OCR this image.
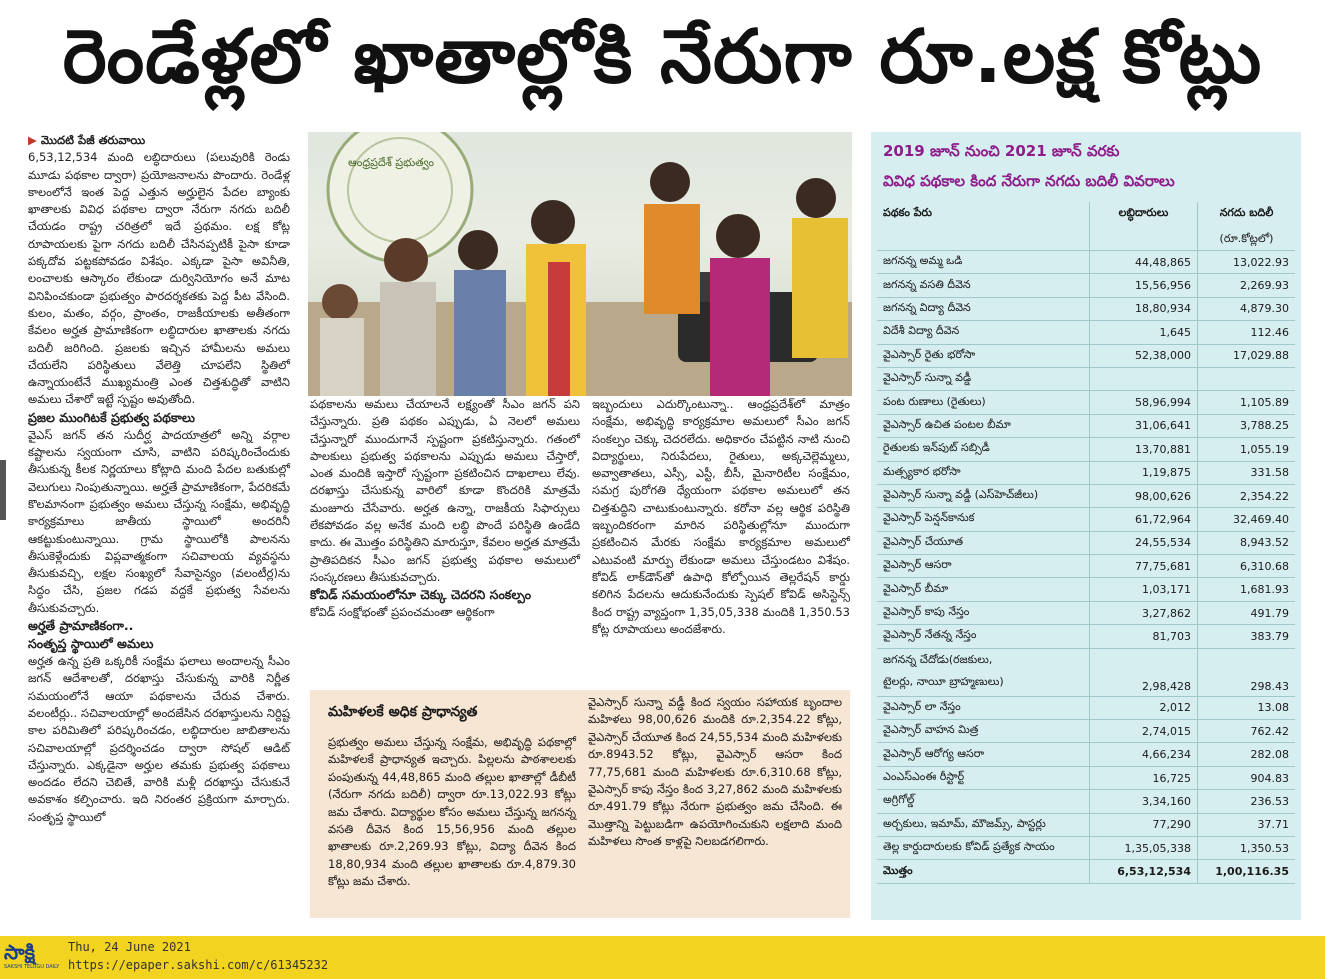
రెండేళ్లలో ఖాతాల్లోకి నేరుగా రూ.లక్ష కోట్లు

▶ మొదటి పేజీ తరువాయి

6,53,12,534 మంది లబ్ధిదారులు (పలువురికి రెండు మూడు పథకాల ద్వారా) ప్రయోజనాలను పొందారు. రెండేళ్ల కాలంలోనే ఇంత పెద్ద ఎత్తున అర్హులైన పేదల బ్యాంకు ఖాతాలకు వివిధ పథకాల ద్వారా నేరుగా నగదు బదిలీ చేయడం రాష్ట్ర చరిత్రలో ఇదే ప్రథమం. లక్ష కోట్ల రూపాయలకు పైగా నగదు బదిలీ చేసినప్పటికీ పైసా కూడా పక్కదోవ పట్టకపోవడం విశేషం. ఎక్కడా పైసా అవినీతి, లంచాలకు ఆస్కారం లేకుండా దుర్వినియోగం అనే మాట వినిపించకుండా ప్రభుత్వం పారదర్శకతకు పెద్ద పీట వేసింది. కులం, మతం, వర్గం, ప్రాంతం, రాజకీయాలకు అతీతంగా కేవలం అర్హత ప్రామాణికంగా లబ్ధిదారుల ఖాతాలకు నగదు బదిలీ జరిగింది. ప్రజలకు ఇచ్చిన హామీలను అమలు చేయలేని పరిస్థితులు వేలెత్తి చూపలేని స్థితిలో ఉన్నాయంటేనే ముఖ్యమంత్రి ఎంత చిత్తశుద్ధితో వాటిని అమలు చేశారో ఇట్టే స్పష్టం అవుతోంది.

ప్రజల ముంగిటకే ప్రభుత్వ పథకాలు

వైఎస్ జగన్ తన సుదీర్ఘ పాదయాత్రలో అన్ని వర్గాల కష్టాలను స్వయంగా చూసి, వాటిని పరిష్కరించేందుకు తీసుకున్న కీలక నిర్ణయాలు కోట్లాది మంది పేదల బతుకుల్లో వెలుగులు నింపుతున్నాయి. అర్హతే ప్రామాణికంగా, పేదరికమే కొలమానంగా ప్రభుత్వం అమలు చేస్తున్న సంక్షేమ, అభివృద్ధి కార్యక్రమాలు జాతీయ స్థాయిలో అందరినీ ఆకట్టుకుంటున్నాయి. గ్రామ స్థాయిలోకి పాలనను తీసుకెళ్లేందుకు విప్లవాత్మకంగా సచివాలయ వ్యవస్థను తీసుకువచ్చి, లక్షల సంఖ్యలో సేవాసైన్యం (వలంటీర్ల)ను సిద్ధం చేసి, ప్రజల గడప వద్దకే ప్రభుత్వ సేవలను తీసుకువచ్చారు.

అర్హతే ప్రామాణికంగా..

సంతృప్త స్థాయిలో అమలు

అర్హత ఉన్న ప్రతి ఒక్కరికీ సంక్షేమ ఫలాలు అందాలన్న సీఎం జగన్ ఆదేశాలతో, దరఖాస్తు చేసుకున్న వారికి నిర్ణీత సమయంలోనే ఆయా పథకాలను చేరువ చేశారు. వలంటీర్లు.. సచివాలయాల్లో అందజేసిన దరఖాస్తులను నిర్దిష్ట కాల పరిమితిలో పరిష్కరించడం, లబ్ధిదారుల జాబితాలను సచివాలయాల్లో ప్రదర్శించడం ద్వారా సోషల్ ఆడిట్ చేస్తున్నారు. ఎక్కడైనా అర్హుల తమకు ప్రభుత్వ పథకాలు అందడం లేదని చెబితే, వారికి మళ్లీ దరఖాస్తు చేసుకునే అవకాశం కల్పించారు. ఇది నిరంతర ప్రక్రియగా మార్చారు. సంతృప్త స్థాయిలో

ఆంధ్రప్రదేశ్ ప్రభుత్వం

పథకాలను అమలు చేయాలనే లక్ష్యంతో సీఎం జగన్ పని చేస్తున్నారు. ప్రతి పథకం ఎప్పుడు, ఏ నెలలో అమలు చేస్తున్నారో ముందుగానే స్పష్టంగా ప్రకటిస్తున్నారు. గతంలో పాలకులు ప్రభుత్వ పథకాలను ఎప్పుడు అమలు చేస్తారో, ఎంత మందికి ఇస్తారో స్పష్టంగా ప్రకటించిన దాఖలాలు లేవు. దరఖాస్తు చేసుకున్న వారిలో కూడా కొందరికి మాత్రమే మంజూరు చేసేవారు. అర్హత ఉన్నా, రాజకీయ సిఫార్సులు లేకపోవడం వల్ల అనేక మంది లబ్ధి పొందే పరిస్థితి ఉండేది కాదు. ఈ మొత్తం పరిస్థితిని మారుస్తూ, కేవలం అర్హత మాత్రమే ప్రాతిపదికన సీఎం జగన్ ప్రభుత్వ పథకాల అమలులో సంస్కరణలు తీసుకువచ్చారు.

కోవిడ్ సమయంలోనూ చెక్కు చెదరని సంకల్పం

కోవిడ్ సంక్షోభంతో ప్రపంచమంతా ఆర్థికంగా

ఇబ్బందులు ఎదుర్కొంటున్నా.. ఆంధ్రప్రదేశ్‌లో మాత్రం సంక్షేమ, అభివృద్ధి కార్యక్రమాల అమలులో సీఎం జగన్ సంకల్పం చెక్కు చెదరలేదు. అధికారం చేపట్టిన నాటి నుంచి విద్యార్థులు, నిరుపేదలు, రైతులు, అక్కచెల్లెమ్మలు, అవ్వాతాతలు, ఎస్సీ, ఎస్టీ, బీసీ, మైనారిటీల సంక్షేమం, సమగ్ర పురోగతి ధ్యేయంగా పథకాల అమలులో తన చిత్తశుద్ధిని చాటుకుంటున్నారు. కరోనా వల్ల ఆర్థిక పరిస్థితి ఇబ్బందికరంగా మారిన పరిస్థితుల్లోనూ ముందుగా ప్రకటించిన మేరకు సంక్షేమ కార్యక్రమాల అమలులో ఎటువంటి మార్పు లేకుండా అమలు చేస్తుండటం విశేషం. కోవిడ్ లాక్‌డౌన్‌తో ఉపాధి కోల్పోయిన తెల్లరేషన్ కార్డు కలిగిన పేదలను ఆదుకునేందుకు స్పెషల్ కోవిడ్ అసిస్టెన్స్ కింద రాష్ట్ర వ్యాప్తంగా 1,35,05,338 మందికి 1,350.53 కోట్ల రూపాయలు అందజేశారు.

మహిళలకే అధిక ప్రాధాన్యత
ప్రభుత్వం అమలు చేస్తున్న సంక్షేమ, అభివృద్ధి పథకాల్లో మహిళలకే ప్రాధాన్యత ఇచ్చారు. పిల్లలను పాఠశాలలకు పంపుతున్న 44,48,865 మంది తల్లుల ఖాతాల్లో డీబీటీ (నేరుగా నగదు బదిలీ) ద్వారా రూ.13,022.93 కోట్లు జమ చేశారు. విద్యార్థుల కోసం అమలు చేస్తున్న జగనన్న వసతి దీవెన కింద 15,56,956 మంది తల్లుల ఖాతాలకు రూ.2,269.93 కోట్లు, విద్యా దీవెన కింద 18,80,934 మంది తల్లుల ఖాతాలకు రూ.4,879.30 కోట్లు జమ చేశారు.
వైఎస్సార్ సున్నా వడ్డీ కింద స్వయం సహాయక బృందాల మహిళలు 98,00,626 మందికి రూ.2,354.22 కోట్లు, వైఎస్సార్ చేయూత కింద 24,55,534 మంది మహిళలకు రూ.8943.52 కోట్లు, వైఎస్సార్ ఆసరా కింద 77,75,681 మంది మహిళలకు రూ.6,310.68 కోట్లు, వైఎస్సార్ కాపు నేస్తం కింద 3,27,862 మంది మహిళలకు రూ.491.79 కోట్లు నేరుగా ప్రభుత్వం జమ చేసింది. ఈ మొత్తాన్ని పెట్టుబడిగా ఉపయోగించుకుని లక్షలాది మంది మహిళలు సొంత కాళ్లపై నిలబడగలిగారు.
2019 జూన్ నుంచి 2021 జూన్ వరకు
వివిధ పథకాల కింద నేరుగా నగదు బదిలీ వివరాలు
పథకం పేరు	లబ్ధిదారులు	నగదు బదిలీ
(రూ.కోట్లలో)

జగనన్న అమ్మ ఒడి	44,48,865	13,022.93
జగనన్న వసతి దీవెన	15,56,956	2,269.93
జగనన్న విద్యా దీవెన	18,80,934	4,879.30
విదేశీ విద్యా దీవెన	1,645	112.46
వైఎస్సార్ రైతు భరోసా	52,38,000	17,029.88
వైఎస్సార్ సున్నా వడ్డీ		
పంట రుణాలు (రైతులు)	58,96,994	1,105.89
వైఎస్సార్ ఉచిత పంటల బీమా	31,06,641	3,788.25
రైతులకు ఇన్‌పుట్ సబ్సిడీ	13,70,881	1,055.19
మత్స్యకార భరోసా	1,19,875	331.58
వైఎస్సార్ సున్నా వడ్డీ (ఎస్‌హెచ్‌జీలు)	98,00,626	2,354.22
వైఎస్సార్ పెన్షన్‌కానుక	61,72,964	32,469.40
వైఎస్సార్ చేయూత	24,55,534	8,943.52
వైఎస్సార్ ఆసరా	77,75,681	6,310.68
వైఎస్సార్ బీమా	1,03,171	1,681.93
వైఎస్సార్ కాపు నేస్తం	3,27,862	491.79
వైఎస్సార్ నేతన్న నేస్తం	81,703	383.79

జగనన్న చేదోడు(రజకులు,
టైలర్లు, నాయీ బ్రాహ్మణులు)	2,98,428	298.43
వైఎస్సార్ లా నేస్తం	2,012	13.08
వైఎస్సార్ వాహన మిత్ర	2,74,015	762.42
వైఎస్సార్ ఆరోగ్య ఆసరా	4,66,234	282.08
ఎంఎస్ఎంఈ రీస్టార్ట్	16,725	904.83
అగ్రిగోల్డ్	3,34,160	236.53
అర్చకులు, ఇమామ్, మౌజమ్స్, పాస్టర్లు	77,290	37.71
తెల్ల కార్డుదారులకు కోవిడ్ ప్రత్యేక సాయం	1,35,05,338	1,350.53
మొత్తం	6,53,12,534	1,00,116.35
సాక్షి
SAKSHI TELUGU DAILY
Thu, 24 June 2021
https://epaper.sakshi.com/c/61345232
